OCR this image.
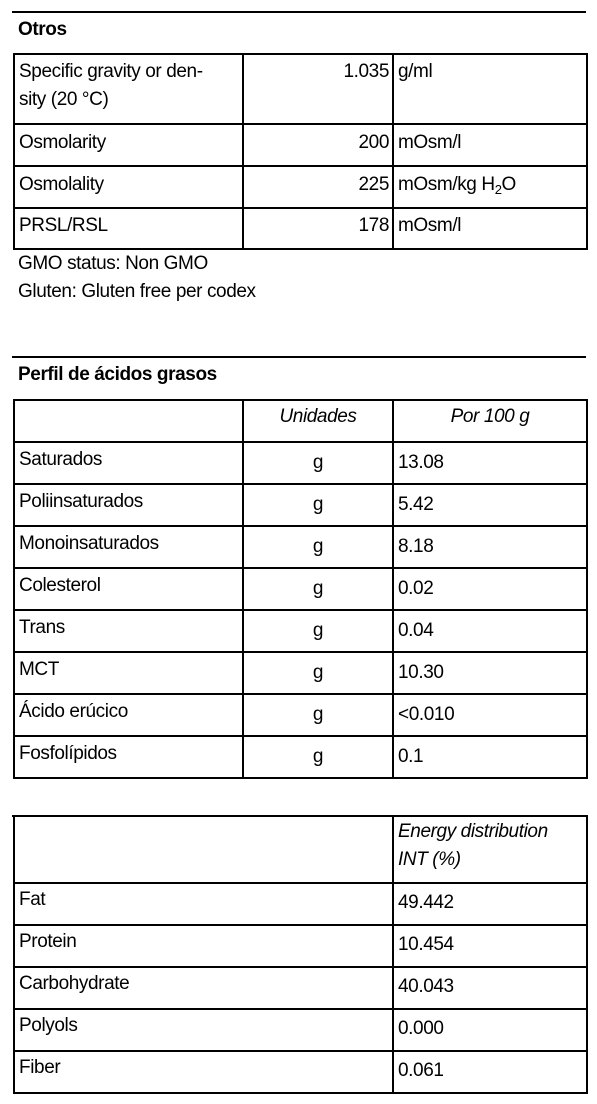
Otros
Specific gravity or den-
sity (20 °C)	1.035	g/ml
Osmolarity	200	mOsm/l
Osmolality	225	mOsm/kg $H_2O$
PRSL/RSL	178	mOsm/l
GMO status: Non GMO
Gluten: Gluten free per codex
Perfil de ácidos grasos
	Unidades	Por 100 g
Saturados	g	13.08
Poliinsaturados	g	5.42
Monoinsaturados	g	8.18
Colesterol	g	0.02
Trans	g	0.04
MCT	g	10.30
Ácido erúcico	g	<0.010
Fosfolípidos	g	0.1
	Energy distribution
INT (%)
Fat	49.442
Protein	10.454
Carbohydrate	40.043
Polyols	0.000
Fiber	0.061
